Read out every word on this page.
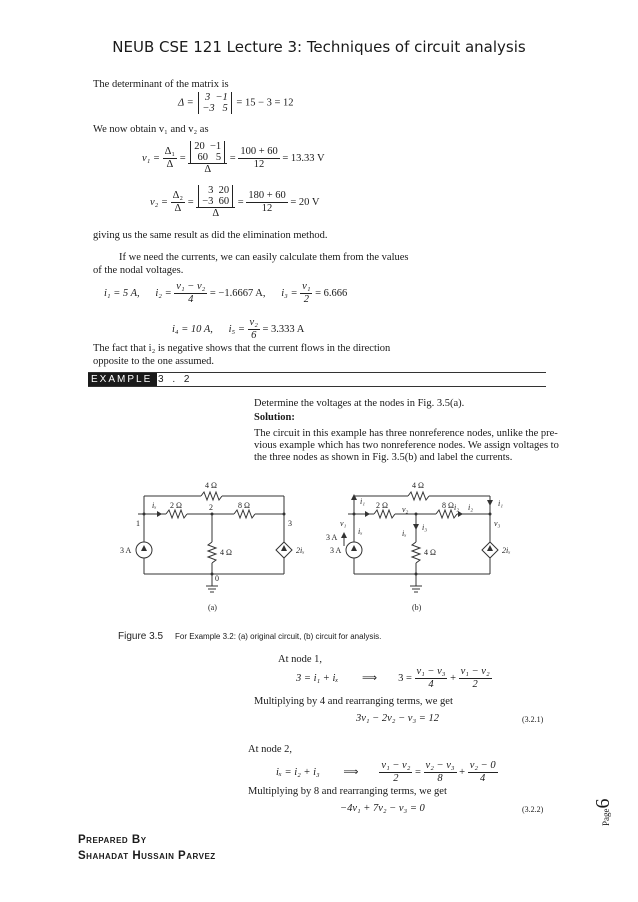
NEUB CSE 121 Lecture 3: Techniques of circuit analysis
The determinant of the matrix is
Δ = 3 −1
−3 5 = 15 − 3 = 12
We now obtain v₁ and v₂ as
$v_1 = \frac{\text{Δ₁}}{\Delta}$ =
20 −1
60 5
Δ
= $\frac{100 + 60}{12} = 13.33$ V
$v_2 = \frac{\text{Δ₂}}{\Delta}$ =
3 20
−3 60
Δ
= $\frac{180 + 60}{12} = 20$ V
giving us the same result as did the elimination method.
If we need the currents, we can easily calculate them from the values
of the nodal voltages.
i₁ = 5 A, $i_2 = \frac{\text{v₁ − v₂}}{4} = -1.6667$ A, $i_3 = \frac{\text{v₁}}{2} = 6.666$
i₄ = 10 A, $i_5 = \frac{\text{v₂}}{6} = 3.333$ A
The fact that i₂ is negative shows that the current flows in the direction
opposite to the one assumed.
EXAMPLE 3 . 2
Determine the voltages at the nodes in Fig. 3.5(a).
Solution:
The circuit in this example has three nonreference nodes, unlike the pre-
vious example which has two nonreference nodes. We assign voltages to
the three nodes as shown in Fig. 3.5(b) and label the currents.
4 Ω
2 Ω	8 Ω
4 Ω
3 A	2iₓ
iₓ
1
2
3
0
(a)
4 Ω
2 Ω	8 Ω
4 Ω
3 A
3 A
2iₓ
iₓ	iₓ
i₁
i₂ i₂
i₃
i₁
v₁
v₂
v₃
(b)
Figure 3.5 For Example 3.2: (a) original circuit, (b) circuit for analysis.
At node 1,
3 = i₁ + iₓ ⟹ $3 = \frac{\text{v₁ − v₃}}{4} + \frac{\text{v₁ − v₂}}{2}$
Multiplying by 4 and rearranging terms, we get
3v₁ − 2v₂ − v₃ = 12	(3.2.1)
At node 2,
iₓ = i₂ + i₃ ⟹ $\frac{\text{v₁ − v₂}}{2} = \frac{\text{v₂ − v₃}}{8} + \frac{\text{v₂ − 0}}{4}$
Multiplying by 8 and rearranging terms, we get
−4v₁ + 7v₂ − v₃ = 0	(3.2.2)	Page6
Prepared By
Shahadat Hussain Parvez
